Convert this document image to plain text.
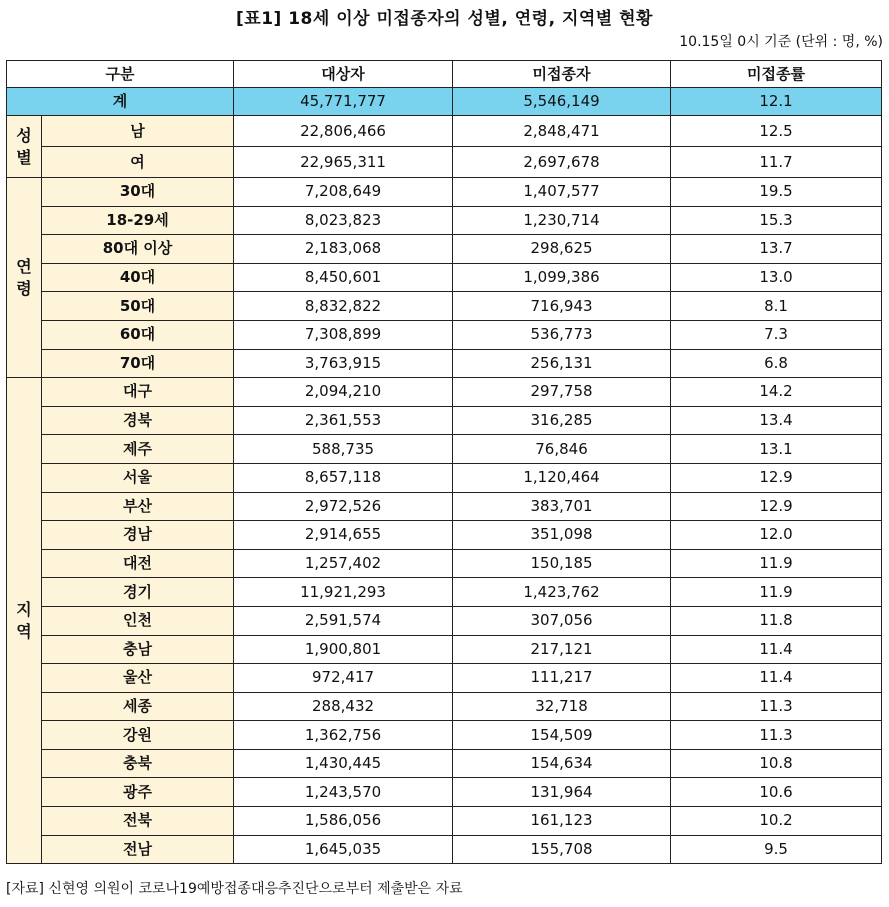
[표1] 18세 이상 미접종자의 성별, 연령, 지역별 현황
10.15일 0시 기준 (단위 : 명, %)
구분		대상자	미접종자	미접종률
계		45,771,777	5,546,149	12.1
성별	남	22,806,466	2,848,471	12.5
	여	22,965,311	2,697,678	11.7
연령	30대	7,208,649	1,407,577	19.5
	18-29세	8,023,823	1,230,714	15.3
	80대 이상	2,183,068	298,625	13.7
	40대	8,450,601	1,099,386	13.0
	50대	8,832,822	716,943	8.1
	60대	7,308,899	536,773	7.3
	70대	3,763,915	256,131	6.8
지역	대구	2,094,210	297,758	14.2
	경북	2,361,553	316,285	13.4
	제주	588,735	76,846	13.1
	서울	8,657,118	1,120,464	12.9
	부산	2,972,526	383,701	12.9
	경남	2,914,655	351,098	12.0
	대전	1,257,402	150,185	11.9
	경기	11,921,293	1,423,762	11.9
	인천	2,591,574	307,056	11.8
	충남	1,900,801	217,121	11.4
	울산	972,417	111,217	11.4
	세종	288,432	32,718	11.3
	강원	1,362,756	154,509	11.3
	충북	1,430,445	154,634	10.8
	광주	1,243,570	131,964	10.6
	전북	1,586,056	161,123	10.2
	전남	1,645,035	155,708	9.5
[자료] 신현영 의원이 코로나19예방접종대응추진단으로부터 제출받은 자료
